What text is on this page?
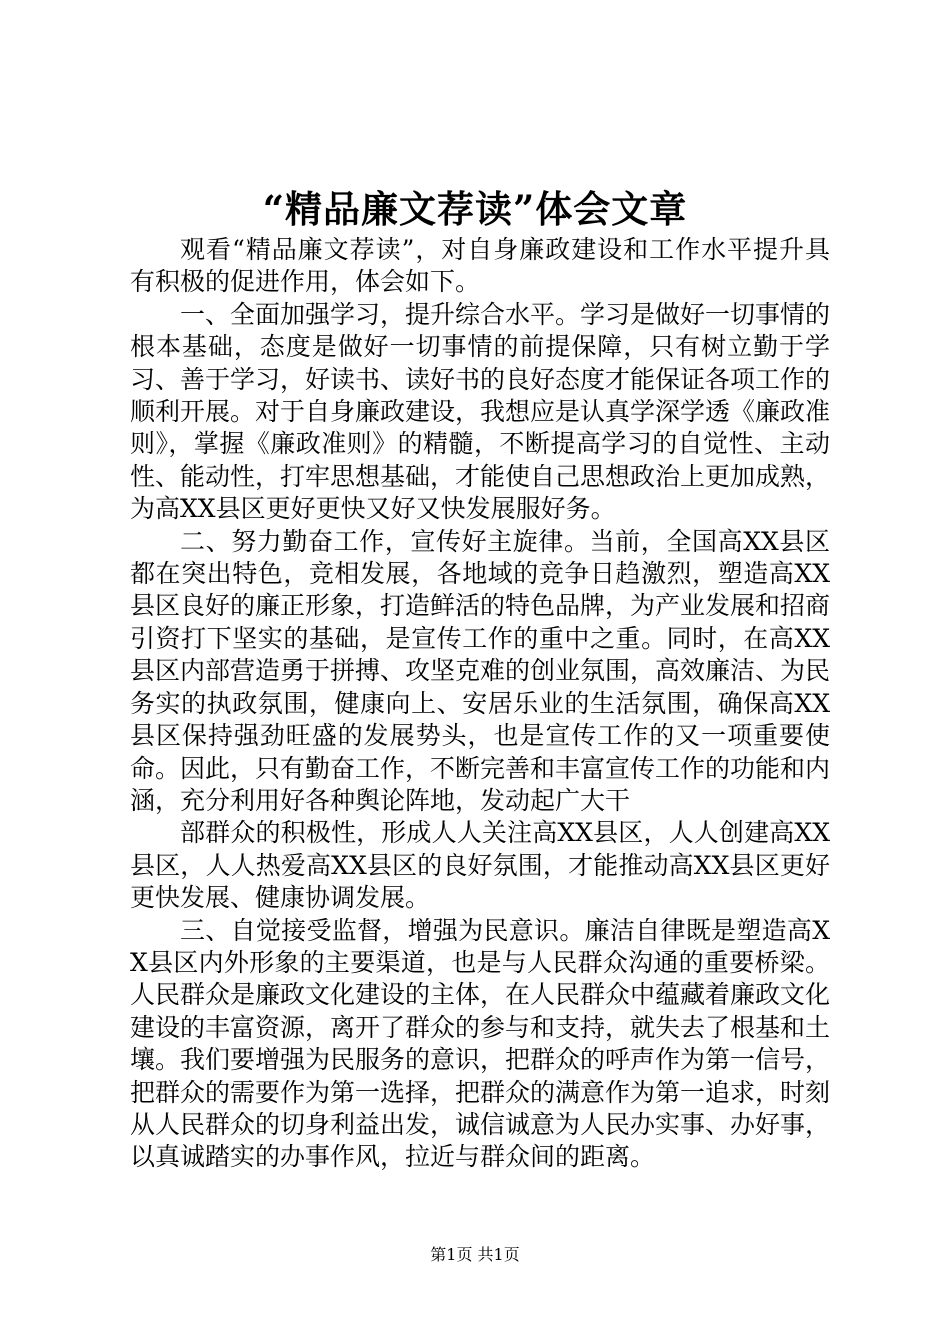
“精品廉文荐读”体会文章

观看“精品廉文荐读”，对自身廉政建设和工作水平提升具有积极的促进作用，体会如下。

一、全面加强学习，提升综合水平。学习是做好一切事情的根本基础，态度是做好一切事情的前提保障，只有树立勤于学习、善于学习，好读书、读好书的良好态度才能保证各项工作的顺利开展。对于自身廉政建设，我想应是认真学深学透《廉政准则》，掌握《廉政准则》的精髓，不断提高学习的自觉性、主动性、能动性，打牢思想基础，才能使自己思想政治上更加成熟，为高XX县区更好更快又好又快发展服好务。

二、努力勤奋工作，宣传好主旋律。当前，全国高XX县区都在突出特色，竞相发展，各地域的竞争日趋激烈，塑造高XX县区良好的廉正形象，打造鲜活的特色品牌，为产业发展和招商引资打下坚实的基础，是宣传工作的重中之重。同时，在高XX县区内部营造勇于拼搏、攻坚克难的创业氛围，高效廉洁、为民务实的执政氛围，健康向上、安居乐业的生活氛围，确保高XX县区保持强劲旺盛的发展势头，也是宣传工作的又一项重要使命。因此，只有勤奋工作，不断完善和丰富宣传工作的功能和内涵，充分利用好各种舆论阵地，发动起广大干

部群众的积极性，形成人人关注高XX县区，人人创建高XX县区，人人热爱高XX县区的良好氛围，才能推动高XX县区更好更快发展、健康协调发展。

三、自觉接受监督，增强为民意识。廉洁自律既是塑造高XX县区内外形象的主要渠道，也是与人民群众沟通的重要桥梁。人民群众是廉政文化建设的主体，在人民群众中蕴藏着廉政文化建设的丰富资源，离开了群众的参与和支持，就失去了根基和土壤。我们要增强为民服务的意识，把群众的呼声作为第一信号，把群众的需要作为第一选择，把群众的满意作为第一追求，时刻从人民群众的切身利益出发，诚信诚意为人民办实事、办好事，以真诚踏实的办事作风，拉近与群众间的距离。

第1页 共1页
